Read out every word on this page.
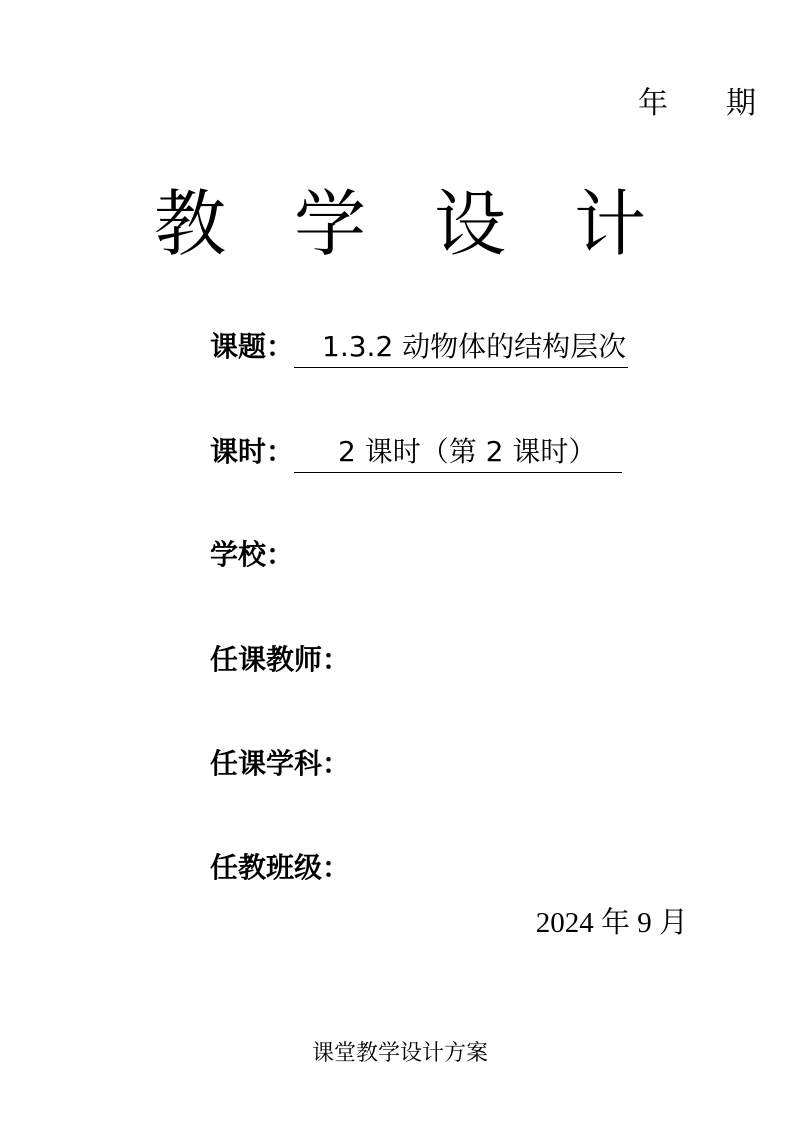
年 期
教 学 设 计
课题：	1.3.2 动物体的结构层次
课时：	2 课时（第 2 课时）
学校：
任课教师：
任课学科：
任教班级：
2024 年 9 月
课堂教学设计方案
